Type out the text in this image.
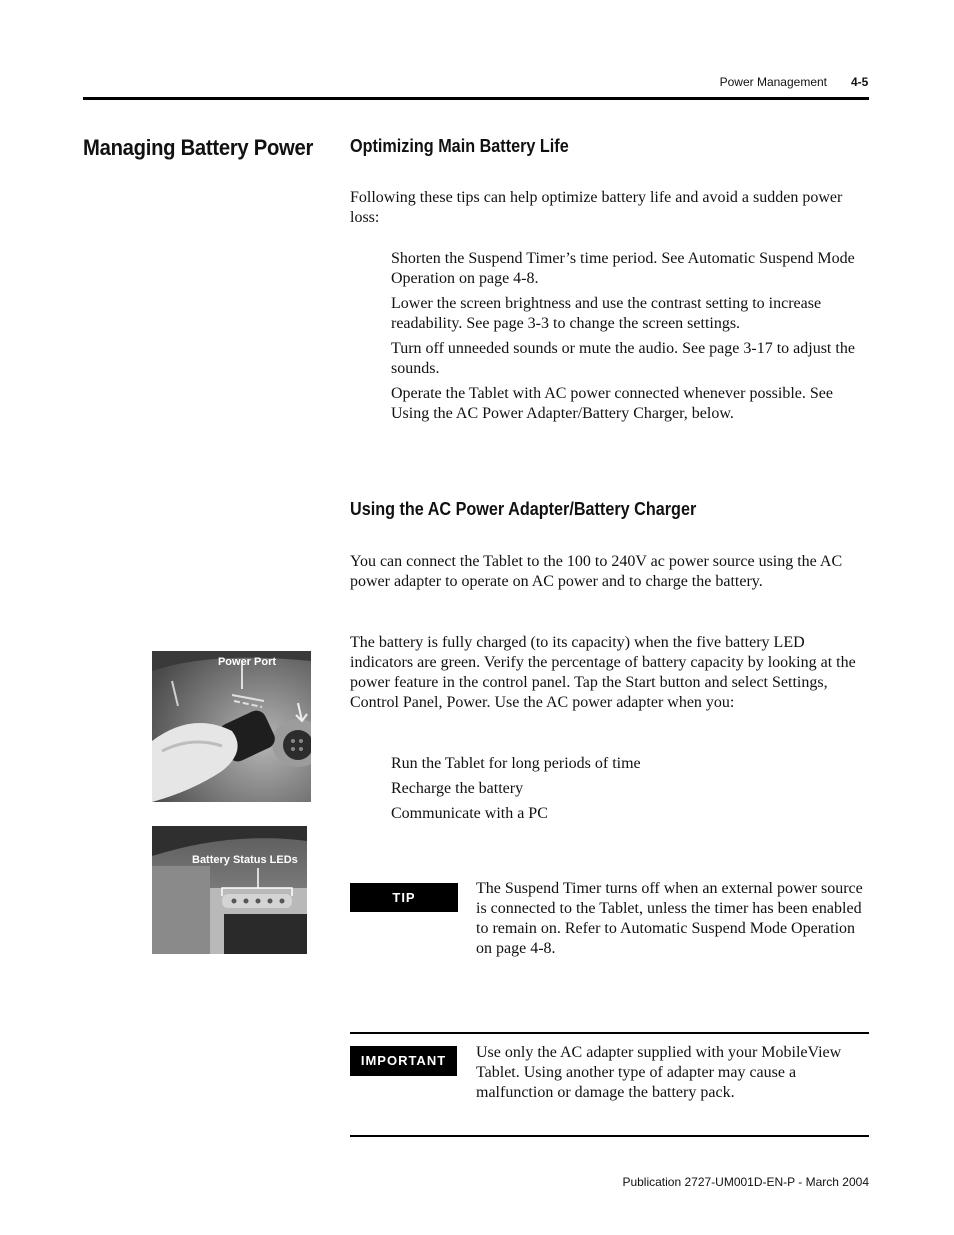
Power Management 4-5
Managing Battery Power Optimizing Main Battery Life
Following these tips can help optimize battery life and avoid a sudden power loss:
Shorten the Suspend Timer’s time period. See Automatic Suspend Mode Operation on page 4-8.
Lower the screen brightness and use the contrast setting to increase readability. See page 3-3 to change the screen settings.
Turn off unneeded sounds or mute the audio. See page 3-17 to adjust the sounds.
Operate the Tablet with AC power connected whenever possible. See Using the AC Power Adapter/Battery Charger, below.
Using the AC Power Adapter/Battery Charger
You can connect the Tablet to the 100 to 240V ac power source using the AC power adapter to operate on AC power and to charge the battery.
The battery is fully charged (to its capacity) when the five battery LED indicators are green. Verify the percentage of battery capacity by looking at the power feature in the control panel. Tap the Start button and select Settings, Control Panel, Power. Use the AC power adapter when you:
Run the Tablet for long periods of time
Recharge the battery
Communicate with a PC
Power Port
Battery Status LEDs
TIP
The Suspend Timer turns off when an external power source is connected to the Tablet, unless the timer has been enabled to remain on. Refer to Automatic Suspend Mode Operation on page 4-8.
IMPORTANT	Use only the AC adapter supplied with your MobileView Tablet. Using another type of adapter may cause a malfunction or damage the battery pack.
Publication 2727-UM001D-EN-P - March 2004
